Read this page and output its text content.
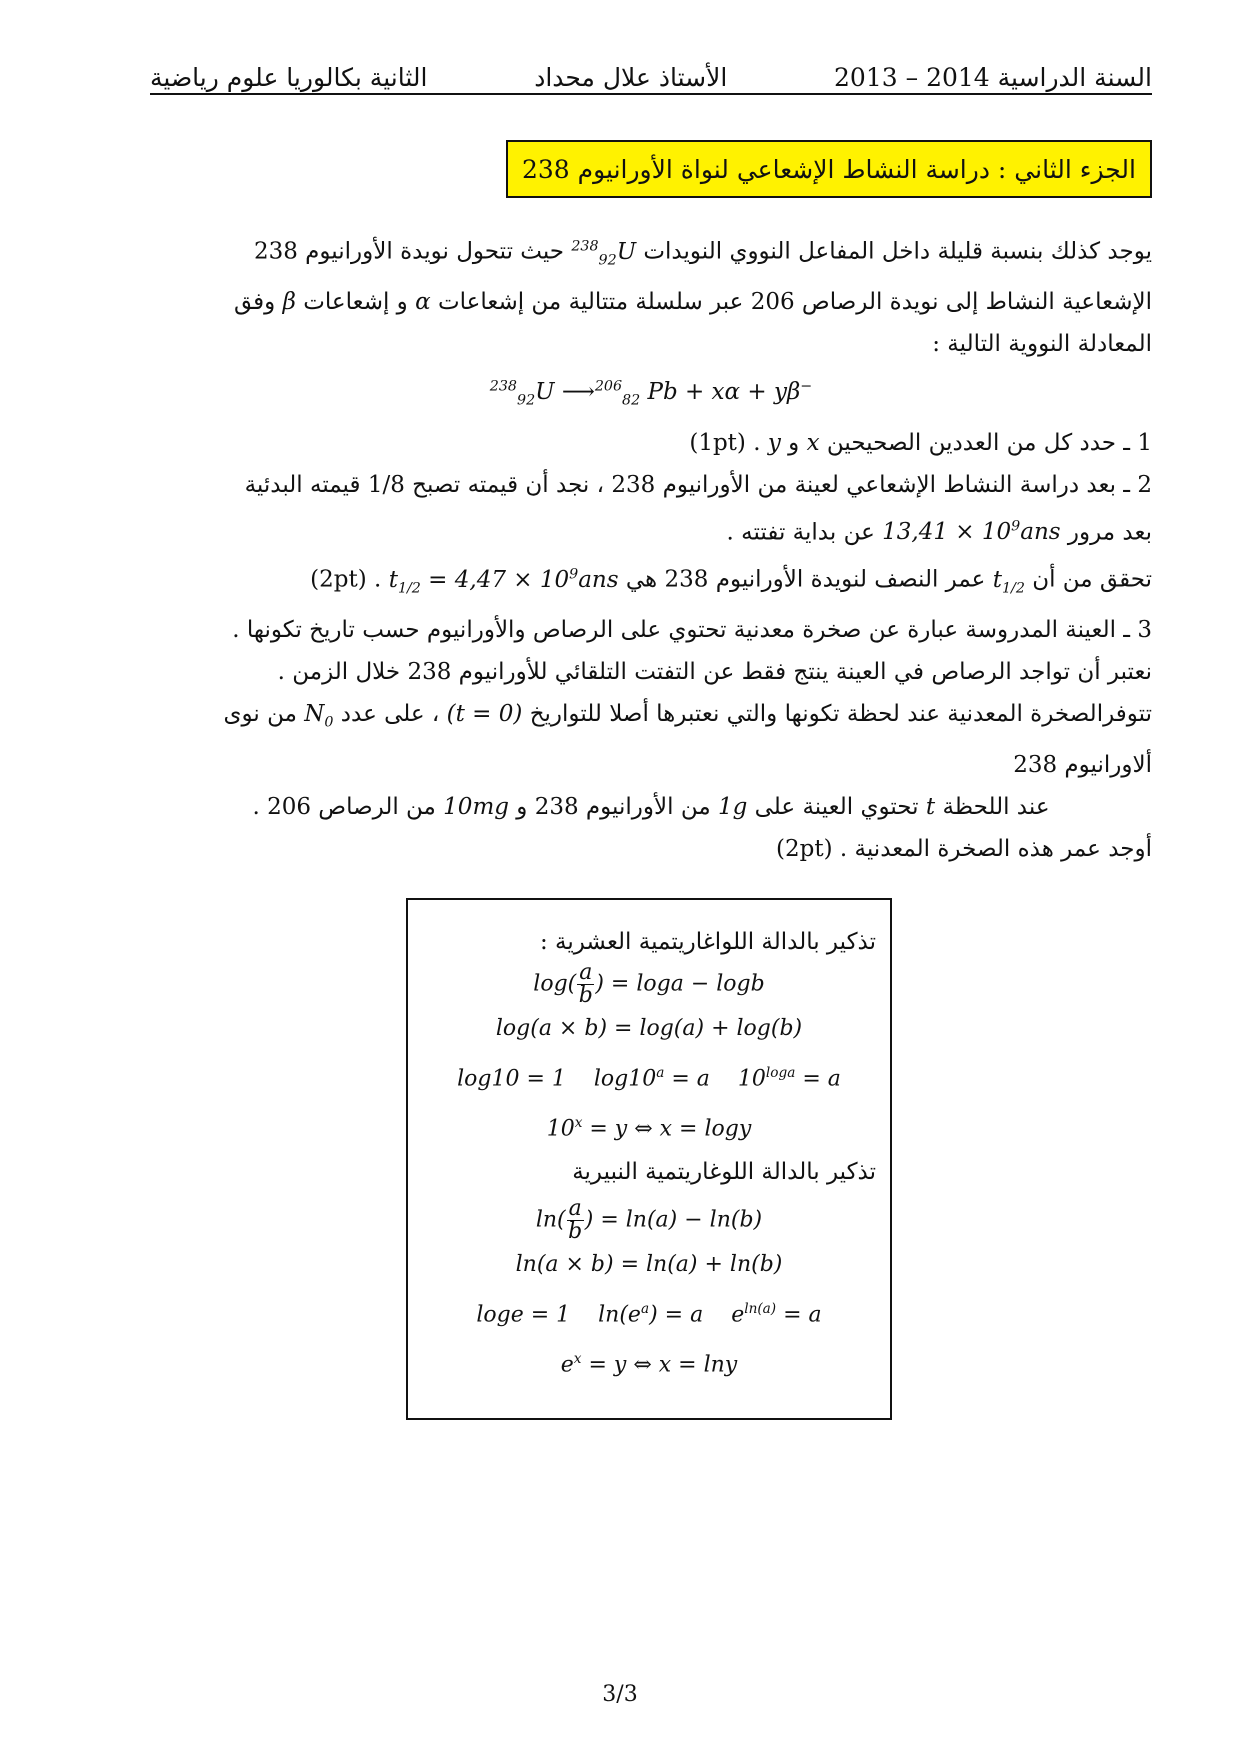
السنة الدراسية 2014 – 2013
الأستاذ علال محداد
الثانية بكالوريا علوم رياضية
الجزء الثاني : دراسة النشاط الإشعاعي لنواة الأورانيوم 238

يوجد كذلك بنسبة قليلة داخل المفاعل النووي النويدات $^{238}_{92}$U حيث تتحول نويدة الأورانيوم 238

الإشعاعية النشاط إلى نويدة الرصاص 206 عبر سلسلة متتالية من إشعاعات α و إشعاعات β وفق

المعادلة النووية التالية :

$^{238}_{92}$U ⟶$^{206}_{82}$ Pb + xα + yβ−

1 ـ حدد كل من العددين الصحيحين x و y . (1pt)

2 ـ بعد دراسة النشاط الإشعاعي لعينة من الأورانيوم 238 ، نجد أن قيمته تصبح 1/8 قيمته البدئية

بعد مرور $13,41 \times 10^9ans$ عن بداية تفتته .

تحقق من أن $t_{1/2}$ عمر النصف لنويدة الأورانيوم 238 هي $t_{1/2} = 4,47 \times 10^9ans$ . (2pt)

3 ـ العينة المدروسة عبارة عن صخرة معدنية تحتوي على الرصاص والأورانيوم حسب تاريخ تكونها .

نعتبر أن تواجد الرصاص في العينة ينتج فقط عن التفتت التلقائي للأورانيوم 238 خلال الزمن .

تتوفرالصخرة المعدنية عند لحظة تكونها والتي نعتبرها أصلا للتواريخ (t = 0) ، على عدد $N_0$ من نوى

ألاورانيوم 238

عند اللحظة t تحتوي العينة على 1g من الأورانيوم 238 و 10mg من الرصاص 206 .

أوجد عمر هذه الصخرة المعدنية . (2pt)

تذكير بالدالة اللواغاريتمية العشرية :
$\log( \frac{a}{b}$ ) = loga − logb
log(a × b) = log(a) + log(b)
log10 = 1 $\log 10^a = a$ $10^{loga} = a$
$10^x = y$ ⇔ x = logy
تذكير بالدالة اللوغاريتمية النبيرية
$\ln( \frac{a}{b}$ ) = ln(a) − ln(b)
ln(a × b) = ln(a) + ln(b)
loge = 1 $\ln(e^a) = a$ $e^{ln(a)} = a$
$e^x = y$ ⇔ x = lny
3/3
